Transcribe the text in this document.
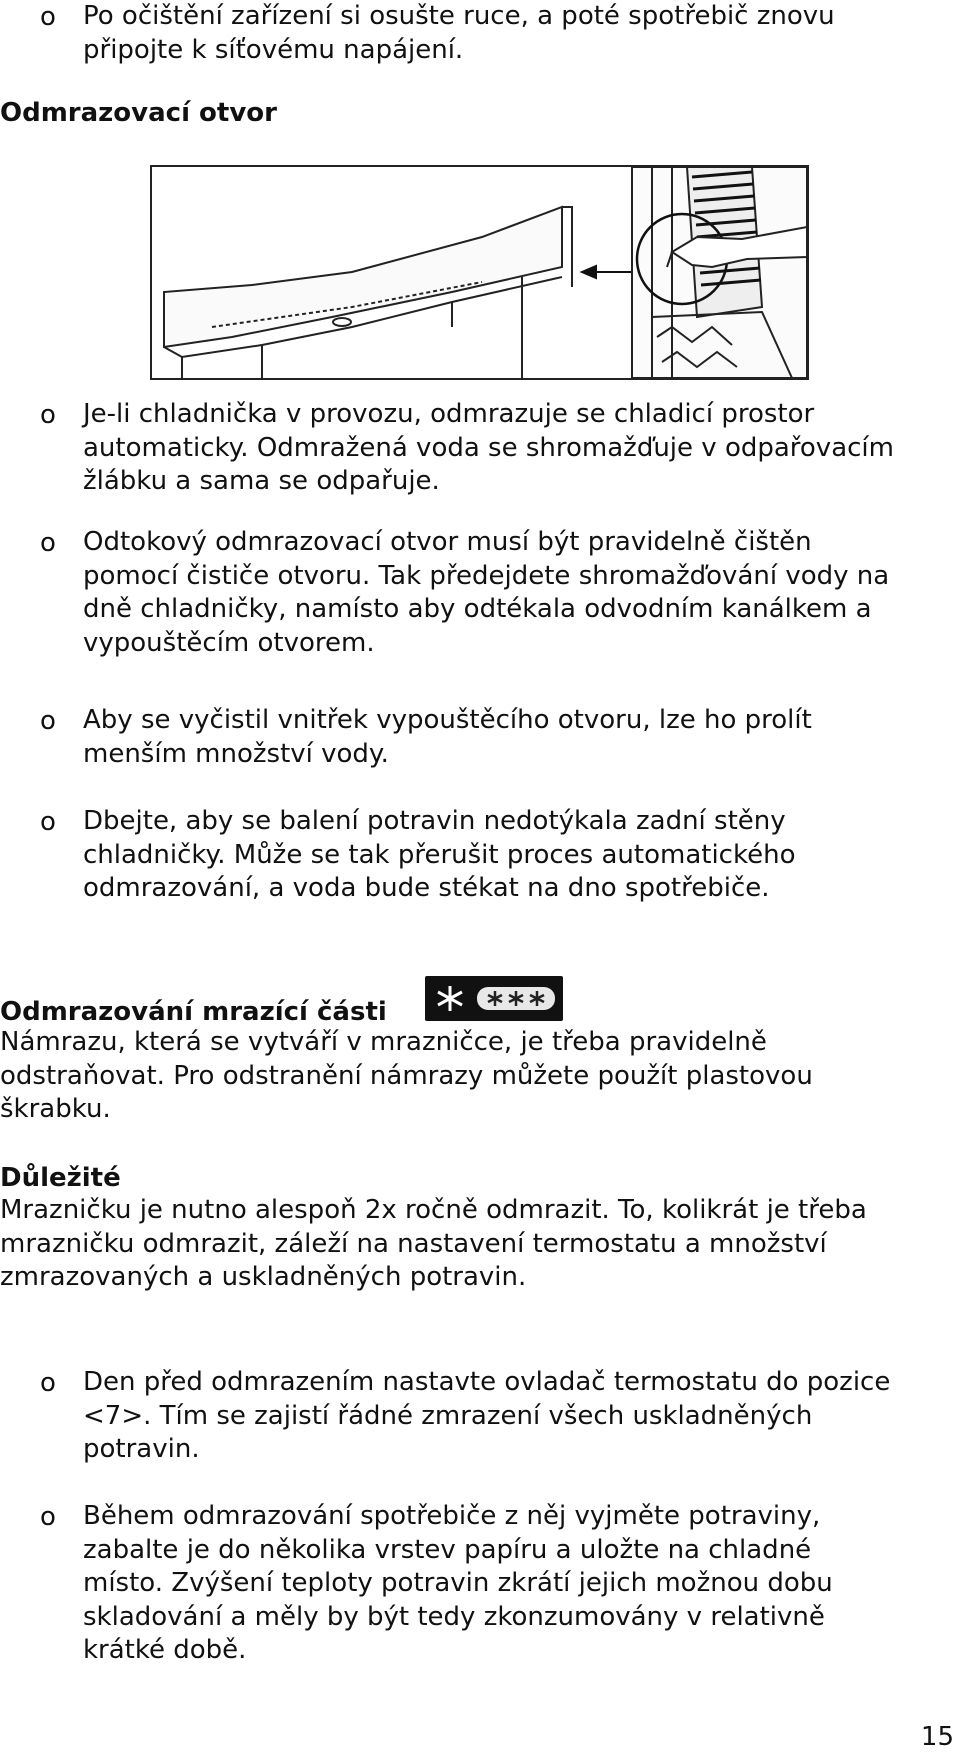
o Po očištění zařízení si osušte ruce, a poté spotřebič znovu
připojte k síťovému napájení.
Odmrazovací otvor
o Je-li chladnička v provozu, odmrazuje se chladicí prostor
automaticky. Odmražená voda se shromažďuje v odpařovacím
žlábku a sama se odpařuje.
o Odtokový odmrazovací otvor musí být pravidelně čištěn
pomocí čističe otvoru. Tak předejdete shromažďování vody na
dně chladničky, namísto aby odtékala odvodním kanálkem a
vypouštěcím otvorem.
o Aby se vyčistil vnitřek vypouštěcího otvoru, lze ho prolít
menším množství vody.
o Dbejte, aby se balení potravin nedotýkala zadní stěny
chladničky. Může se tak přerušit proces automatického
odmrazování, a voda bude stékat na dno spotřebiče.
Odmrazování mrazící části
Námrazu, která se vytváří v mrazničce, je třeba pravidelně
odstraňovat. Pro odstranění námrazy můžete použít plastovou
škrabku.
Důležité
Mrazničku je nutno alespoň 2x ročně odmrazit. To, kolikrát je třeba
mrazničku odmrazit, záleží na nastavení termostatu a množství
zmrazovaných a uskladněných potravin.
o Den před odmrazením nastavte ovladač termostatu do pozice
<7>. Tím se zajistí řádné zmrazení všech uskladněných
potravin.
o Během odmrazování spotřebiče z něj vyjměte potraviny,
zabalte je do několika vrstev papíru a uložte na chladné
místo. Zvýšení teploty potravin zkrátí jejich možnou dobu
skladování a měly by být tedy zkonzumovány v relativně
krátké době.
15
